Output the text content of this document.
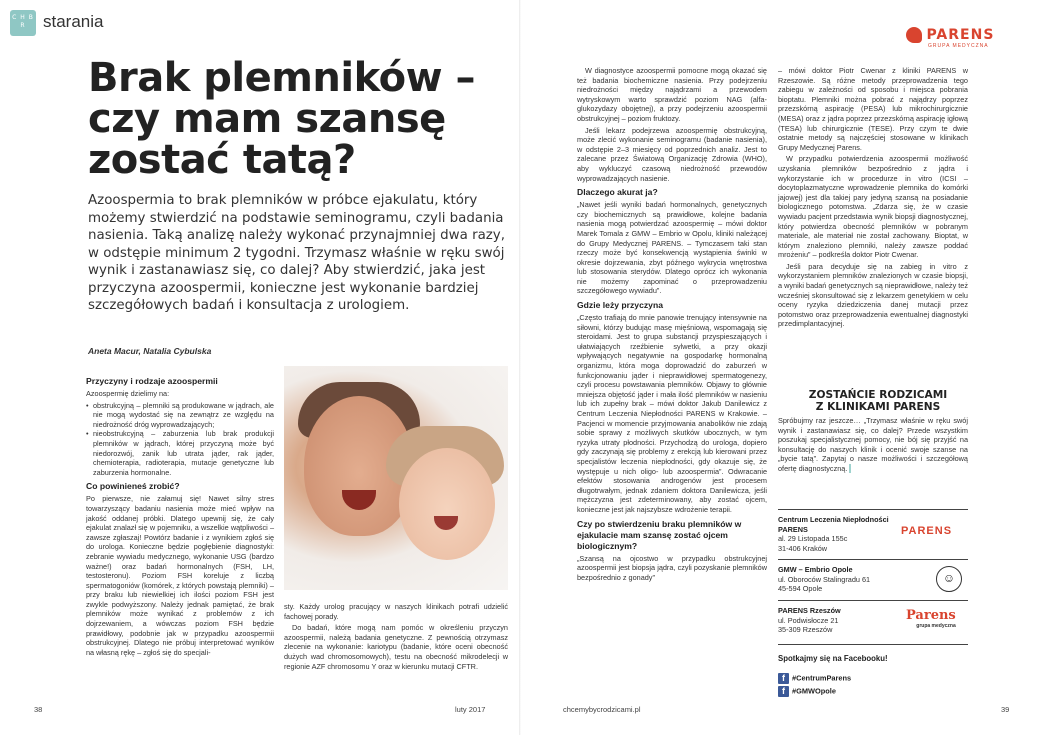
C H B R	starania
Brak plemników –
czy mam szansę
zostać tatą?

Azoospermia to brak plemników w próbce ejakulatu, który możemy stwierdzić na podstawie seminogramu, czyli badania nasienia. Taką analizę należy wykonać przynajmniej dwa razy, w odstępie minimum 2 tygodni. Trzymasz właśnie w ręku swój wynik i zastanawiasz się, co dalej? Aby stwierdzić, jaka jest przyczyna azoospermii, konieczne jest wykonanie bardziej szczegółowych badań i konsultacja z urologiem.

Aneta Macur, Natalia Cybulska
Przyczyny i rodzaje azoospermii

Azoospermię dzielimy na:

• obstrukcyjną – plemniki są produkowane w jądrach, ale nie mogą wydostać się na zewnątrz ze względu na niedrożność dróg wyprowadzających;
• nieobstrukcyjną – zaburzenia lub brak produkcji plemników w jądrach, której przyczyną może być niedorozwój, zanik lub utrata jąder, rak jąder, chemioterapia, radioterapia, mutacje genetyczne lub zaburzenia hormonalne.
Co powinieneś zrobić?

Po pierwsze, nie załamuj się! Nawet silny stres towarzyszący badaniu nasienia może mieć wpływ na jakość oddanej próbki. Dlatego upewnij się, że cały ejakulat znalazł się w pojemniku, a wszelkie wątpliwości – zawsze zgłaszaj! Powtórz badanie i z wynikiem zgłoś się do urologa. Konieczne będzie pogłębienie diagnostyki: zebranie wywiadu medycznego, wykonanie USG (bardzo ważne!) oraz badań hormonalnych (FSH, LH, testosteronu). Poziom FSH koreluje z liczbą spermatogoniów (komórek, z których powstają plemniki) – przy braku lub niewielkiej ich ilości poziom FSH jest zwykle podwyższony. Należy jednak pamiętać, że brak plemników może wynikać z problemów z ich dojrzewaniem, a wówczas poziom FSH będzie prawidłowy, podobnie jak w przypadku azoospermii obstrukcyjnej. Dlatego nie próbuj interpretować wyników na własną rękę – zgłoś się do specjali-

sty. Każdy urolog pracujący w naszych klinikach potrafi udzielić fachowej porady.

Do badań, które mogą nam pomóc w określeniu przyczyn azoospermii, należą badania genetyczne. Z pewnością otrzymasz zlecenie na wykonanie: kariotypu (badanie, które oceni obecność dużych wad chromosomowych), testu na obecność mikrodelecji w regionie AZF chromosomu Y oraz w kierunku mutacji CFTR.

38	luty 2017	chcemybycrodzicami.pl	39
PARENS
GRUPA MEDYCZNA

W diagnostyce azoospermii pomocne mogą okazać się też badania biochemiczne nasienia. Przy podejrzeniu niedrożności między najądrzami a przewodem wytryskowym warto sprawdzić poziom NAG (alfa-glukozydazy obojętnej), a przy podejrzeniu azoospermii obstrukcyjnej – poziom fruktozy.

Jeśli lekarz podejrzewa azoospermię obstrukcyjną, może zlecić wykonanie seminogramu (badanie nasienia), w odstępie 2–3 miesięcy od poprzednich analiz. Jest to zalecane przez Światową Organizację Zdrowia (WHO), aby wykluczyć czasową niedrożność przewodów wyprowadzających nasienie.

Dlaczego akurat ja?

„Nawet jeśli wyniki badań hormonalnych, genetycznych czy biochemicznych są prawidłowe, kolejne badania nasienia mogą potwierdzać azoospermię – mówi doktor Marek Tomala z GMW – Embrio w Opolu, kliniki należącej do Grupy Medycznej PARENS. – Tymczasem taki stan rzeczy może być konsekwencją wystąpienia świnki w okresie dojrzewania, zbyt późnego wykrycia wnętrostwa lub stosowania sterydów. Dlatego oprócz ich wykonania nie możemy zapominać o przeprowadzeniu szczegółowego wywiadu”.

Gdzie leży przyczyna

„Często trafiają do mnie panowie trenujący intensywnie na siłowni, którzy budując masę mięśniową, wspomagają się steroidami. Jest to grupa substancji przyspieszających i ułatwiających rzeźbienie sylwetki, a przy okazji wpływających negatywnie na gospodarkę hormonalną organizmu, która moga doprowadzić do zaburzeń w funkcjonowaniu jąder i nieprawidłowej spermatogenezy, czyli procesu powstawania plemników. Objawy to głównie mniejsza objętość jąder i mała ilość plemników w nasieniu lub ich zupełny brak – mówi doktor Jakub Danilewicz z Centrum Leczenia Niepłodności PARENS w Krakowie. – Pacjenci w momencie przyjmowania anabolików nie zdają sobie sprawy z możliwych skutków ubocznych, w tym ryzyka utraty płodności. Przychodzą do urologa, dopiero gdy zaczynają się problemy z erekcją lub kierowani przez specjalistów leczenia niepłodności, gdy okazuje się, że występuje u nich oligo- lub azoospermia”. Odwracanie efektów stosowania androgenów jest procesem długotrwałym, jednak zdaniem doktora Danilewicza, jeśli mężczyzna jest zdeterminowany, aby zostać ojcem, konieczne jest jak najszybsze wdrożenie terapii.

Czy po stwierdzeniu braku plemników w ejakulacie mam szansę zostać ojcem biologicznym?

„Szansą na ojcostwo w przypadku obstrukcyjnej azoospermii jest biopsja jądra, czyli pozyskanie plemników bezpośrednio z gonady”

– mówi doktor Piotr Cwenar z kliniki PARENS w Rzeszowie. Są różne metody przeprowadzenia tego zabiegu w zależności od sposobu i miejsca pobrania bioptatu. Plemniki można pobrać z najądrzy poprzez przezskórną aspirację (PESA) lub mikrochirurgicznie (MESA) oraz z jądra poprzez przezskórną aspirację igłową (TESA) lub chirurgicznie (TESE). Przy czym te dwie ostatnie metody są najczęściej stosowane w klinikach Grupy Medycznej Parens.

W przypadku potwierdzenia azoospermii możliwość uzyskania plemników bezpośrednio z jądra i wykorzystanie ich w procedurze in vitro (ICSI – docytoplazmatyczne wprowadzenie plemnika do komórki jajowej) jest dla takiej pary jedyną szansą na posiadanie biologicznego potomstwa. „Zdarza się, że w czasie wywiadu pacjent przedstawia wynik biopsji diagnostycznej, który potwierdza obecność plemników w pobranym materiale, ale materiał nie został zachowany. Bioptat, w którym znaleziono plemniki, należy zawsze poddać mrożeniu” – podkreśla doktor Piotr Cwenar.

Jeśli para decyduje się na zabieg in vitro z wykorzystaniem plemników znalezionych w czasie biopsji, a wyniki badań genetycznych są nieprawidłowe, należy też wcześniej skonsultować się z lekarzem genetykiem w celu oceny ryzyka dziedziczenia danej mutacji przez potomstwo oraz przeprowadzenia ewentualnej diagnostyki przedimplantacyjnej.

ZOSTAŃCIE RODZICAMI
Z KLINIKAMI PARENS

Spróbujmy raz jeszcze… „Trzymasz właśnie w ręku swój wynik i zastanawiasz się, co dalej? Przede wszystkim poszukaj specjalistycznej pomocy, nie bój się przyjść na konsultację do naszych klinik i ocenić swoje szanse na „bycie tatą”. Zapytaj o nasze możliwości i szczegółową ofertę diagnostyczną.

Centrum Leczenia Niepłodności PARENS
al. 29 Listopada 155c
31-406 Kraków
PARENS
GMW – Embrio Opole
ul. Oboroców Stalingradu 61
45-594 Opole
☺
PARENS Rzeszów
ul. Podwisłocze 21
35-309 Rzeszów
Parens
grupa medyczna
Spotkajmy się na Facebooku!
f #CentrumParens
f #GMWOpole
